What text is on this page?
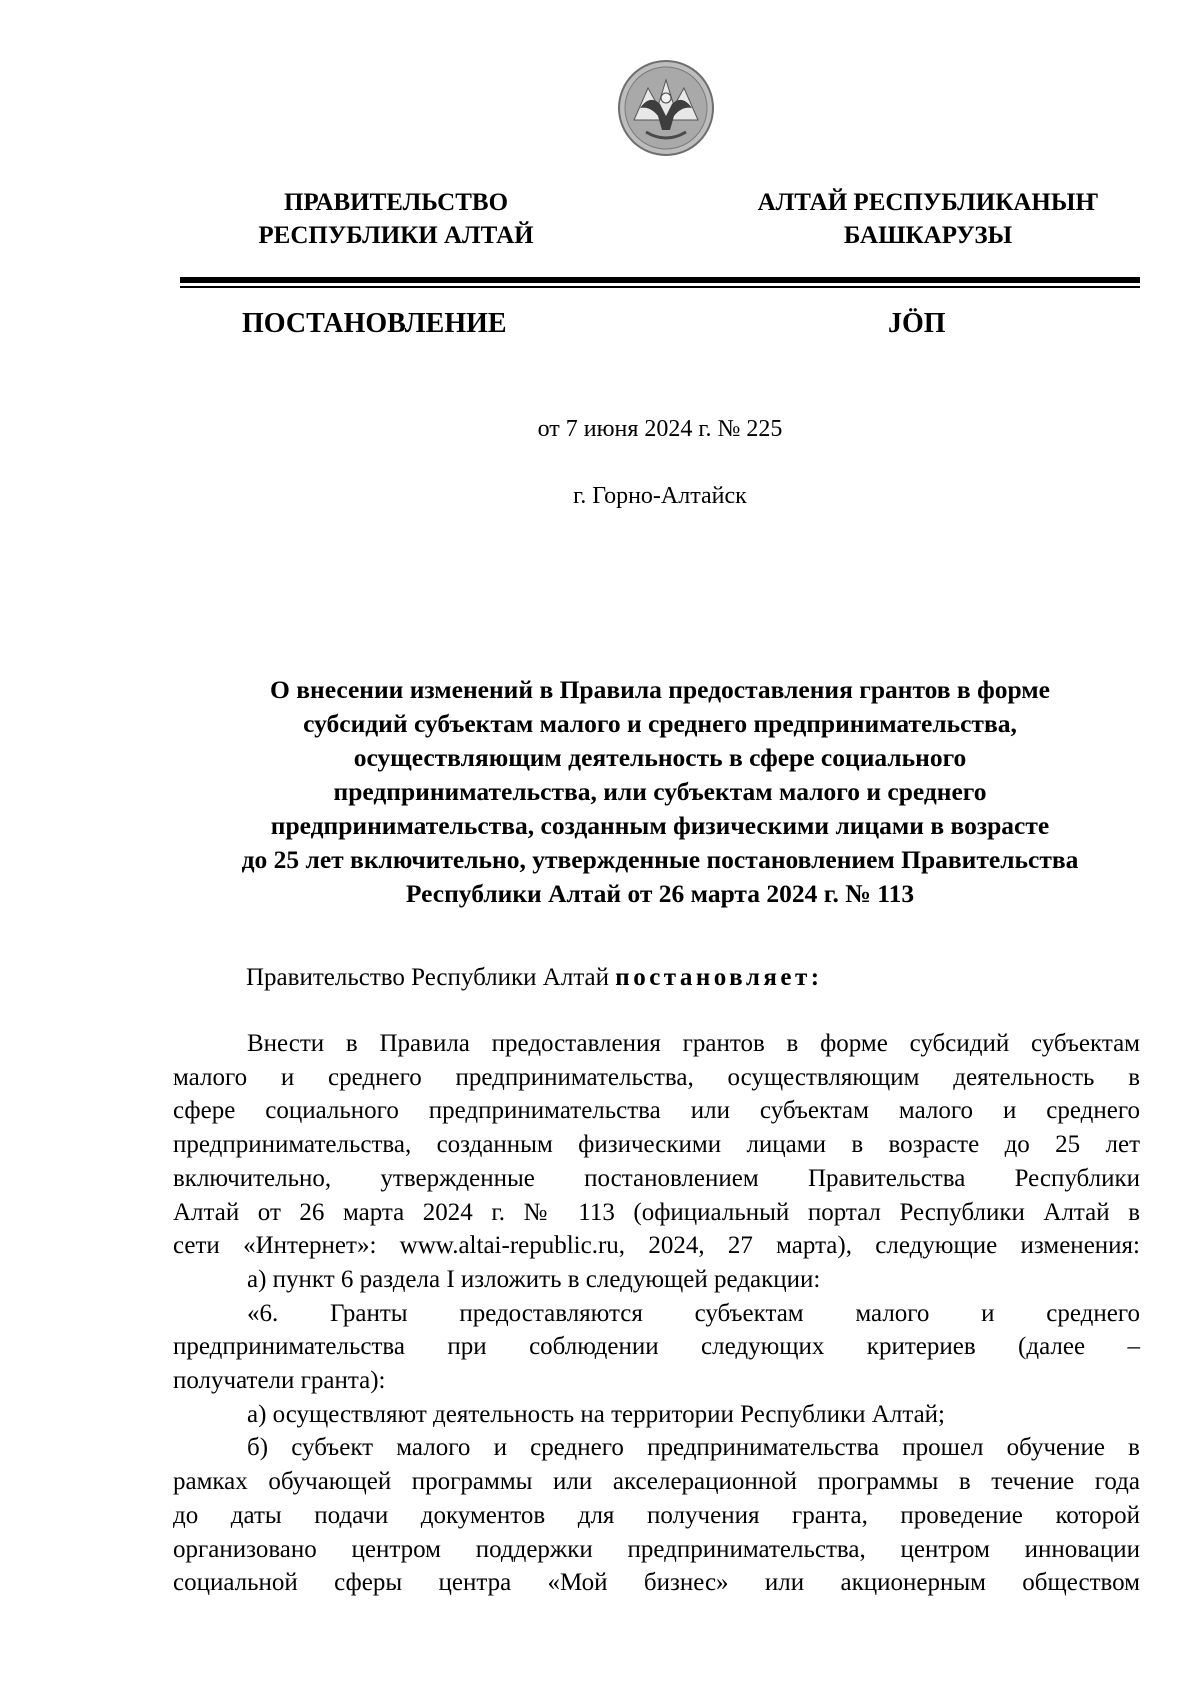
ПРАВИТЕЛЬСТВО
РЕСПУБЛИКИ АЛТАЙ
АЛТАЙ РЕСПУБЛИКАНЫҤ
БАШКАРУЗЫ
ПОСТАНОВЛЕНИЕ	JÖП
от 7 июня 2024 г. № 225
г. Горно-Алтайск
О внесении изменений в Правила предоставления грантов в форме
субсидий субъектам малого и среднего предпринимательства,
осуществляющим деятельность в сфере социального
предпринимательства, или субъектам малого и среднего
предпринимательства, созданным физическими лицами в возрасте
до 25 лет включительно, утвержденные постановлением Правительства
Республики Алтай от 26 марта 2024 г. № 113
Правительство Республики Алтай постановляет:
Внести в Правила предоставления грантов в форме субсидий субъектам
малого и среднего предпринимательства, осуществляющим деятельность в
сфере социального предпринимательства или субъектам малого и среднего
предпринимательства, созданным физическими лицами в возрасте до 25 лет
включительно, утвержденные постановлением Правительства Республики
Алтай от 26 марта 2024 г. № 113 (официальный портал Республики Алтай в
сети «Интернет»: www.altai-republic.ru, 2024, 27 марта), следующие изменения:
а) пункт 6 раздела I изложить в следующей редакции:
«6. Гранты предоставляются субъектам малого и среднего
предпринимательства при соблюдении следующих критериев (далее –
получатели гранта):
а) осуществляют деятельность на территории Республики Алтай;
б) субъект малого и среднего предпринимательства прошел обучение в
рамках обучающей программы или акселерационной программы в течение года
до даты подачи документов для получения гранта, проведение которой
организовано центром поддержки предпринимательства, центром инновации
социальной сферы центра «Мой бизнес» или акционерным обществом
